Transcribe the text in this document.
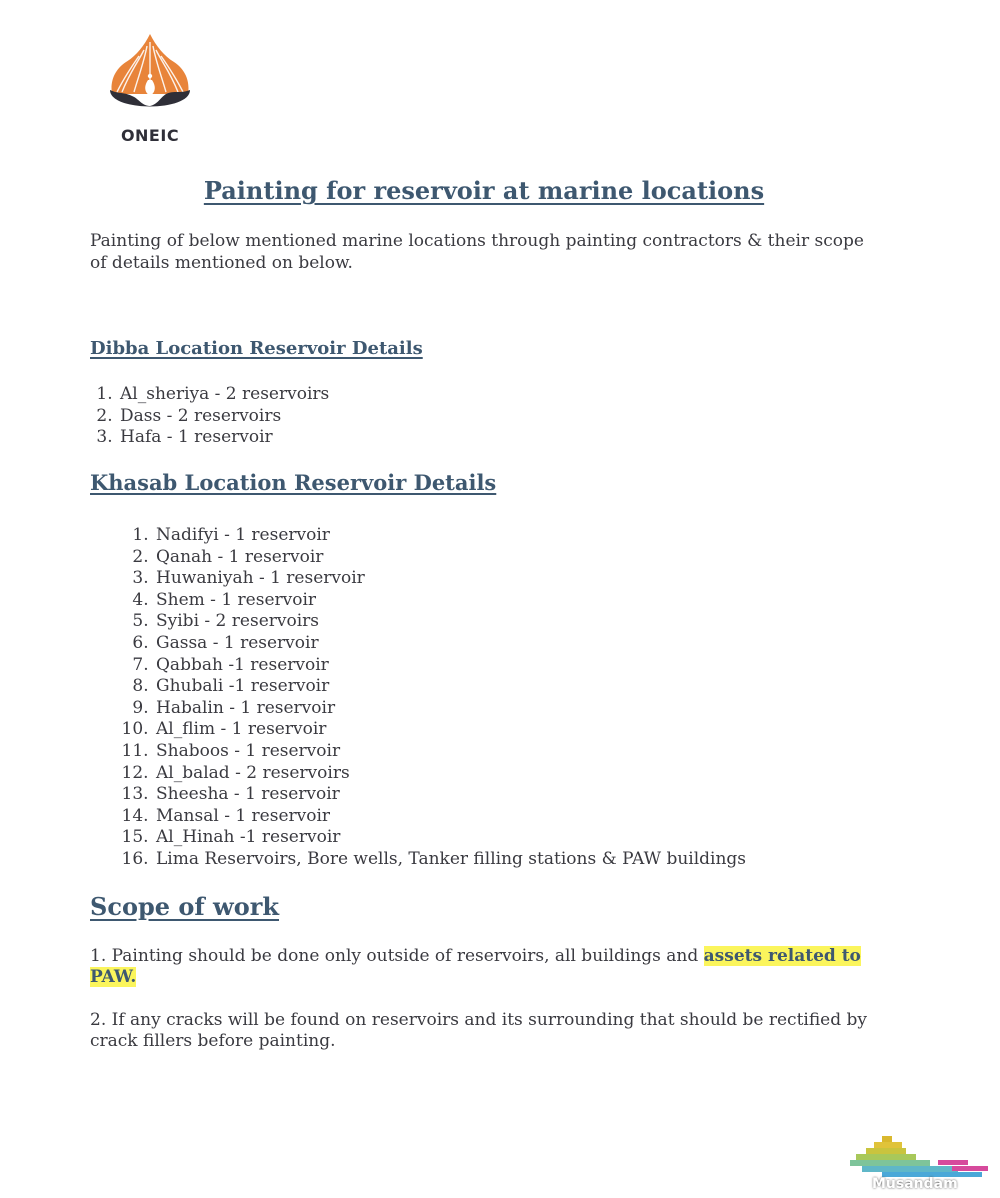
ONEIC
Painting for reservoir at marine locations
Painting of below mentioned marine locations through painting contractors & their scope of details mentioned on below.
Dibba Location Reservoir Details
1. Al_sheriya - 2 reservoirs
2. Dass - 2 reservoirs
3. Hafa - 1 reservoir
Khasab Location Reservoir Details
1. Nadifyi - 1 reservoir
2. Qanah - 1 reservoir
3. Huwaniyah - 1 reservoir
4. Shem - 1 reservoir
5. Syibi - 2 reservoirs
6. Gassa - 1 reservoir
7. Qabbah -1 reservoir
8. Ghubali -1 reservoir
9. Habalin - 1 reservoir
10. Al_flim - 1 reservoir
11. Shaboos - 1 reservoir
12. Al_balad - 2 reservoirs
13. Sheesha - 1 reservoir
14. Mansal - 1 reservoir
15. Al_Hinah -1 reservoir
16. Lima Reservoirs, Bore wells, Tanker filling stations & PAW buildings
Scope of work
1. Painting should be done only outside of reservoirs, all buildings and assets related to PAW.
2. If any cracks will be found on reservoirs and its surrounding that should be rectified by crack fillers before painting.
Musandam
